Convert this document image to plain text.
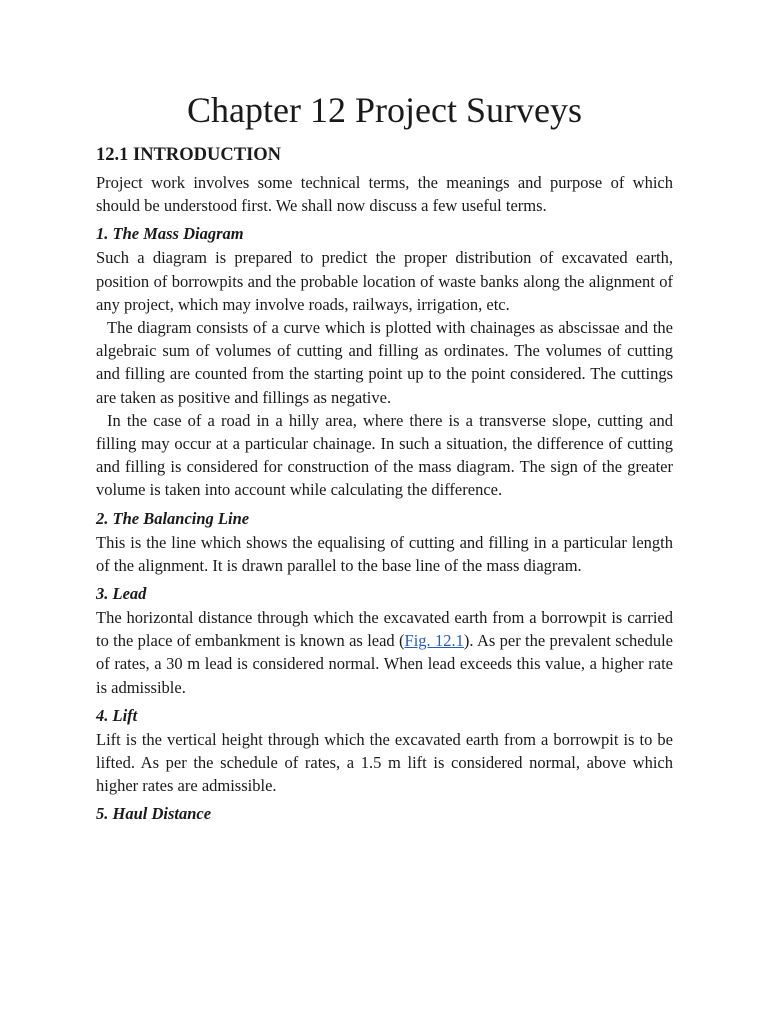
Chapter 12 Project Surveys
12.1 INTRODUCTION

Project work involves some technical terms, the meanings and purpose of which should be understood first. We shall now discuss a few useful terms.

1. The Mass Diagram

Such a diagram is prepared to predict the proper distribution of excavated earth, position of borrowpits and the probable location of waste banks along the alignment of any project, which may involve roads, railways, irrigation, etc.

The diagram consists of a curve which is plotted with chainages as abscissae and the algebraic sum of volumes of cutting and filling as ordinates. The volumes of cutting and filling are counted from the starting point up to the point considered. The cuttings are taken as positive and fillings as negative.

In the case of a road in a hilly area, where there is a transverse slope, cutting and filling may occur at a particular chainage. In such a situation, the difference of cutting and filling is considered for construction of the mass diagram. The sign of the greater volume is taken into account while calculating the difference.

2. The Balancing Line

This is the line which shows the equalising of cutting and filling in a particular length of the alignment. It is drawn parallel to the base line of the mass diagram.

3. Lead

The horizontal distance through which the excavated earth from a borrowpit is carried to the place of embankment is known as lead (Fig. 12.1). As per the prevalent schedule of rates, a 30 m lead is considered normal. When lead exceeds this value, a higher rate is admissible.

4. Lift

Lift is the vertical height through which the excavated earth from a borrowpit is to be lifted. As per the schedule of rates, a 1.5 m lift is considered normal, above which higher rates are admissible.

5. Haul Distance
